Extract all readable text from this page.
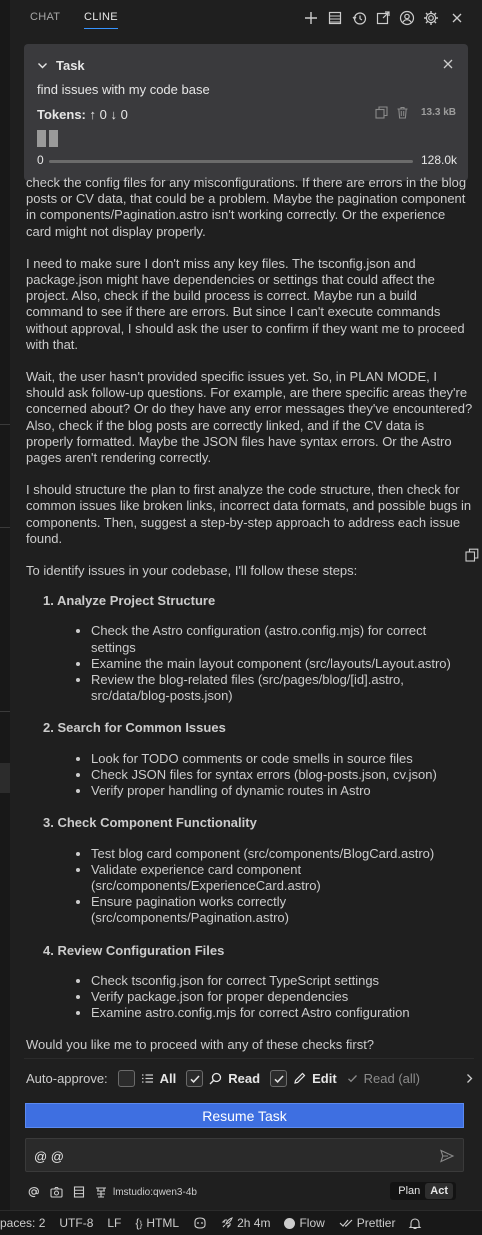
CHAT CLINE
Task
find issues with my code base
Tokens: ↑ 0 ↓ 0	13.3 kB
0	128.0k

check the config files for any misconfigurations. If there are errors in the blog posts or CV data, that could be a problem. Maybe the pagination component in components/Pagination.astro isn't working correctly. Or the experience card might not display properly.

I need to make sure I don't miss any key files. The tsconfig.json and package.json might have dependencies or settings that could affect the project. Also, check if the build process is correct. Maybe run a build command to see if there are errors. But since I can't execute commands without approval, I should ask the user to confirm if they want me to proceed with that.

Wait, the user hasn't provided specific issues yet. So, in PLAN MODE, I should ask follow-up questions. For example, are there specific areas they're concerned about? Or do they have any error messages they've encountered? Also, check if the blog posts are correctly linked, and if the CV data is properly formatted. Maybe the JSON files have syntax errors. Or the Astro pages aren't rendering correctly.

I should structure the plan to first analyze the code structure, then check for common issues like broken links, incorrect data formats, and possible bugs in components. Then, suggest a step-by-step approach to address each issue found.

To identify issues in your codebase, I'll follow these steps:

1. Analyze Project Structure
• Check the Astro configuration (astro.config.mjs) for correct settings
• Examine the main layout component (src/layouts/Layout.astro)
• Review the blog-related files (src/pages/blog/[id].astro, src/data/blog-posts.json)
2. Search for Common Issues
• Look for TODO comments or code smells in source files
• Check JSON files for syntax errors (blog-posts.json, cv.json)
• Verify proper handling of dynamic routes in Astro
3. Check Component Functionality
• Test blog card component (src/components/BlogCard.astro)
• Validate experience card component (src/components/ExperienceCard.astro)
• Ensure pagination works correctly (src/components/Pagination.astro)
4. Review Configuration Files
• Check tsconfig.json for correct TypeScript settings
• Verify package.json for proper dependencies
• Examine astro.config.mjs for correct Astro configuration

Would you like me to proceed with any of these checks first?

Auto-approve:	All	Read	Edit Read (all)
Resume Task
@ @
lmstudio:qwen3-4b	Plan Act
paces: 2 UTF-8 LF {} HTML	2h 4m Flow	Prettier
